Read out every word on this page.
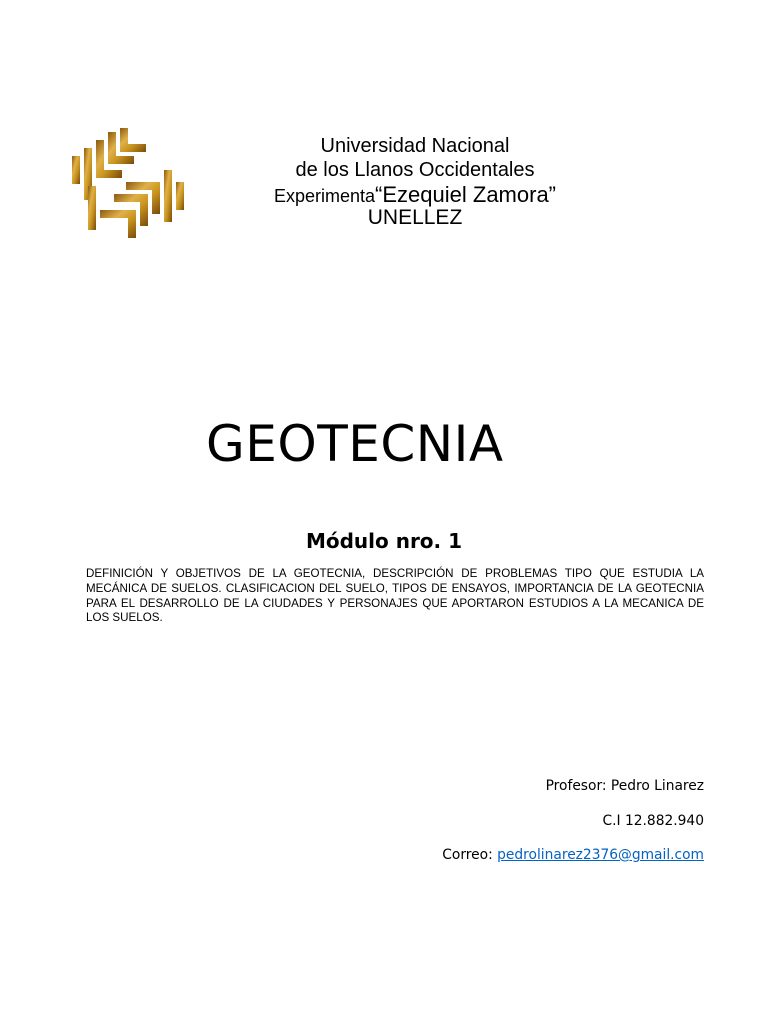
Universidad Nacional
de los Llanos Occidentales
Experimenta“Ezequiel Zamora”
UNELLEZ
GEOTECNIA
Módulo nro. 1

DEFINICIÓN Y OBJETIVOS DE LA GEOTECNIA, DESCRIPCIÓN DE PROBLEMAS TIPO QUE ESTUDIA LA MECÁNICA DE SUELOS. CLASIFICACION DEL SUELO, TIPOS DE ENSAYOS, IMPORTANCIA DE LA GEOTECNIA PARA EL DESARROLLO DE LA CIUDADES Y PERSONAJES QUE APORTARON ESTUDIOS A LA MECANICA DE LOS SUELOS.

Profesor: Pedro Linarez
C.I 12.882.940
Correo: pedrolinarez2376@gmail.com
